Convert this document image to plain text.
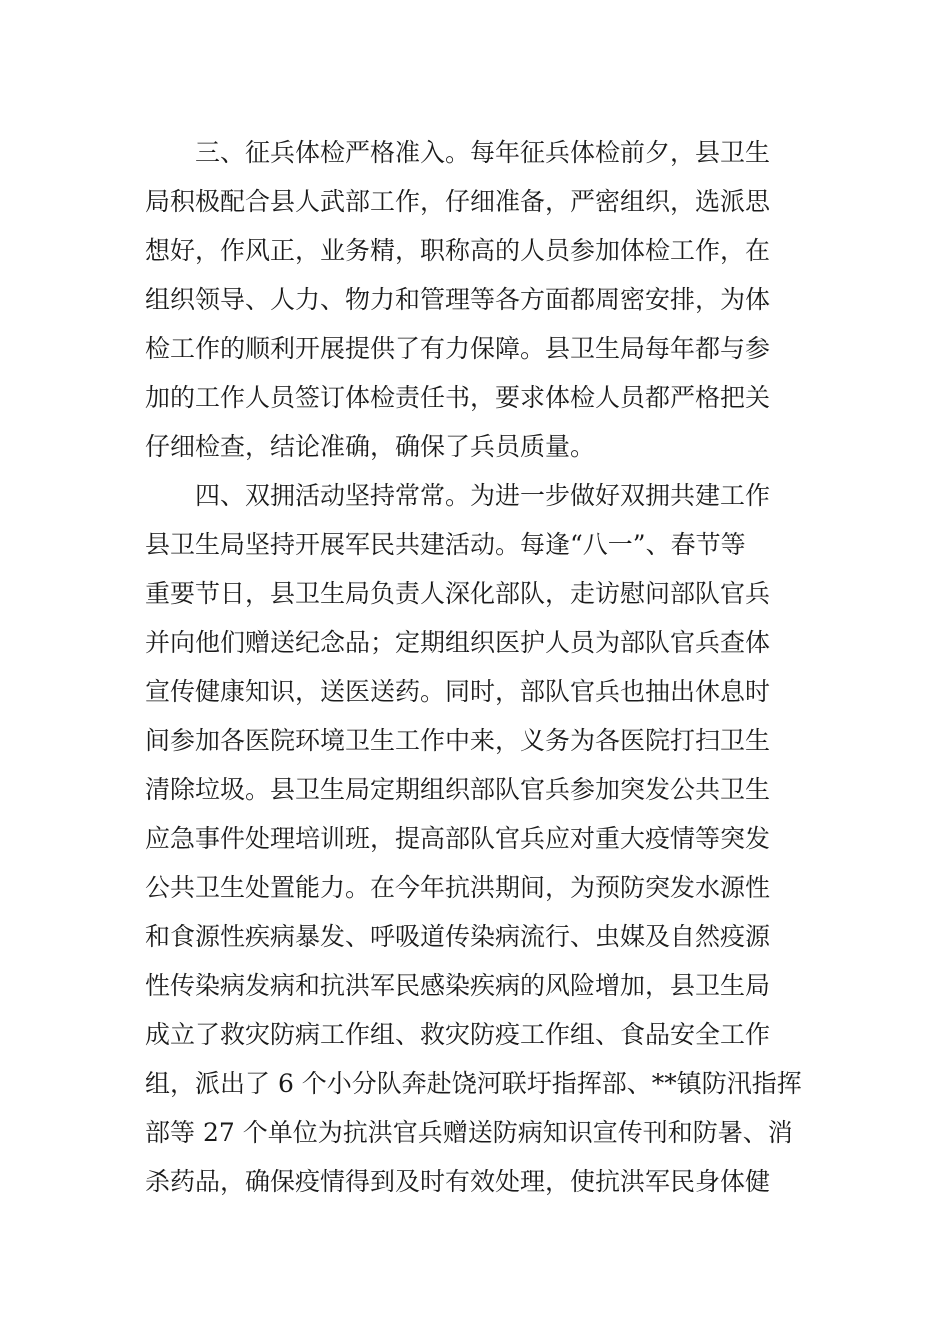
　　三、征兵体检严格准入。每年征兵体检前夕，县卫生
局积极配合县人武部工作，仔细准备，严密组织，选派思
想好，作风正，业务精，职称高的人员参加体检工作，在
组织领导、人力、物力和管理等各方面都周密安排，为体
检工作的顺利开展提供了有力保障。县卫生局每年都与参
加的工作人员签订体检责任书，要求体检人员都严格把关
仔细检查，结论准确，确保了兵员质量。
　　四、双拥活动坚持常常。为进一步做好双拥共建工作
县卫生局坚持开展军民共建活动。每逢“八一”、春节等
重要节日，县卫生局负责人深化部队，走访慰问部队官兵
并向他们赠送纪念品；定期组织医护人员为部队官兵查体
宣传健康知识，送医送药。同时，部队官兵也抽出休息时
间参加各医院环境卫生工作中来，义务为各医院打扫卫生
清除垃圾。县卫生局定期组织部队官兵参加突发公共卫生
应急事件处理培训班，提高部队官兵应对重大疫情等突发
公共卫生处置能力。在今年抗洪期间，为预防突发水源性
和食源性疾病暴发、呼吸道传染病流行、虫媒及自然疫源
性传染病发病和抗洪军民感染疾病的风险增加，县卫生局
成立了救灾防病工作组、救灾防疫工作组、食品安全工作
组，派出了 6 个小分队奔赴饶河联圩指挥部、**镇防汛指挥
部等 27 个单位为抗洪官兵赠送防病知识宣传刊和防暑、消
杀药品，确保疫情得到及时有效处理，使抗洪军民身体健
